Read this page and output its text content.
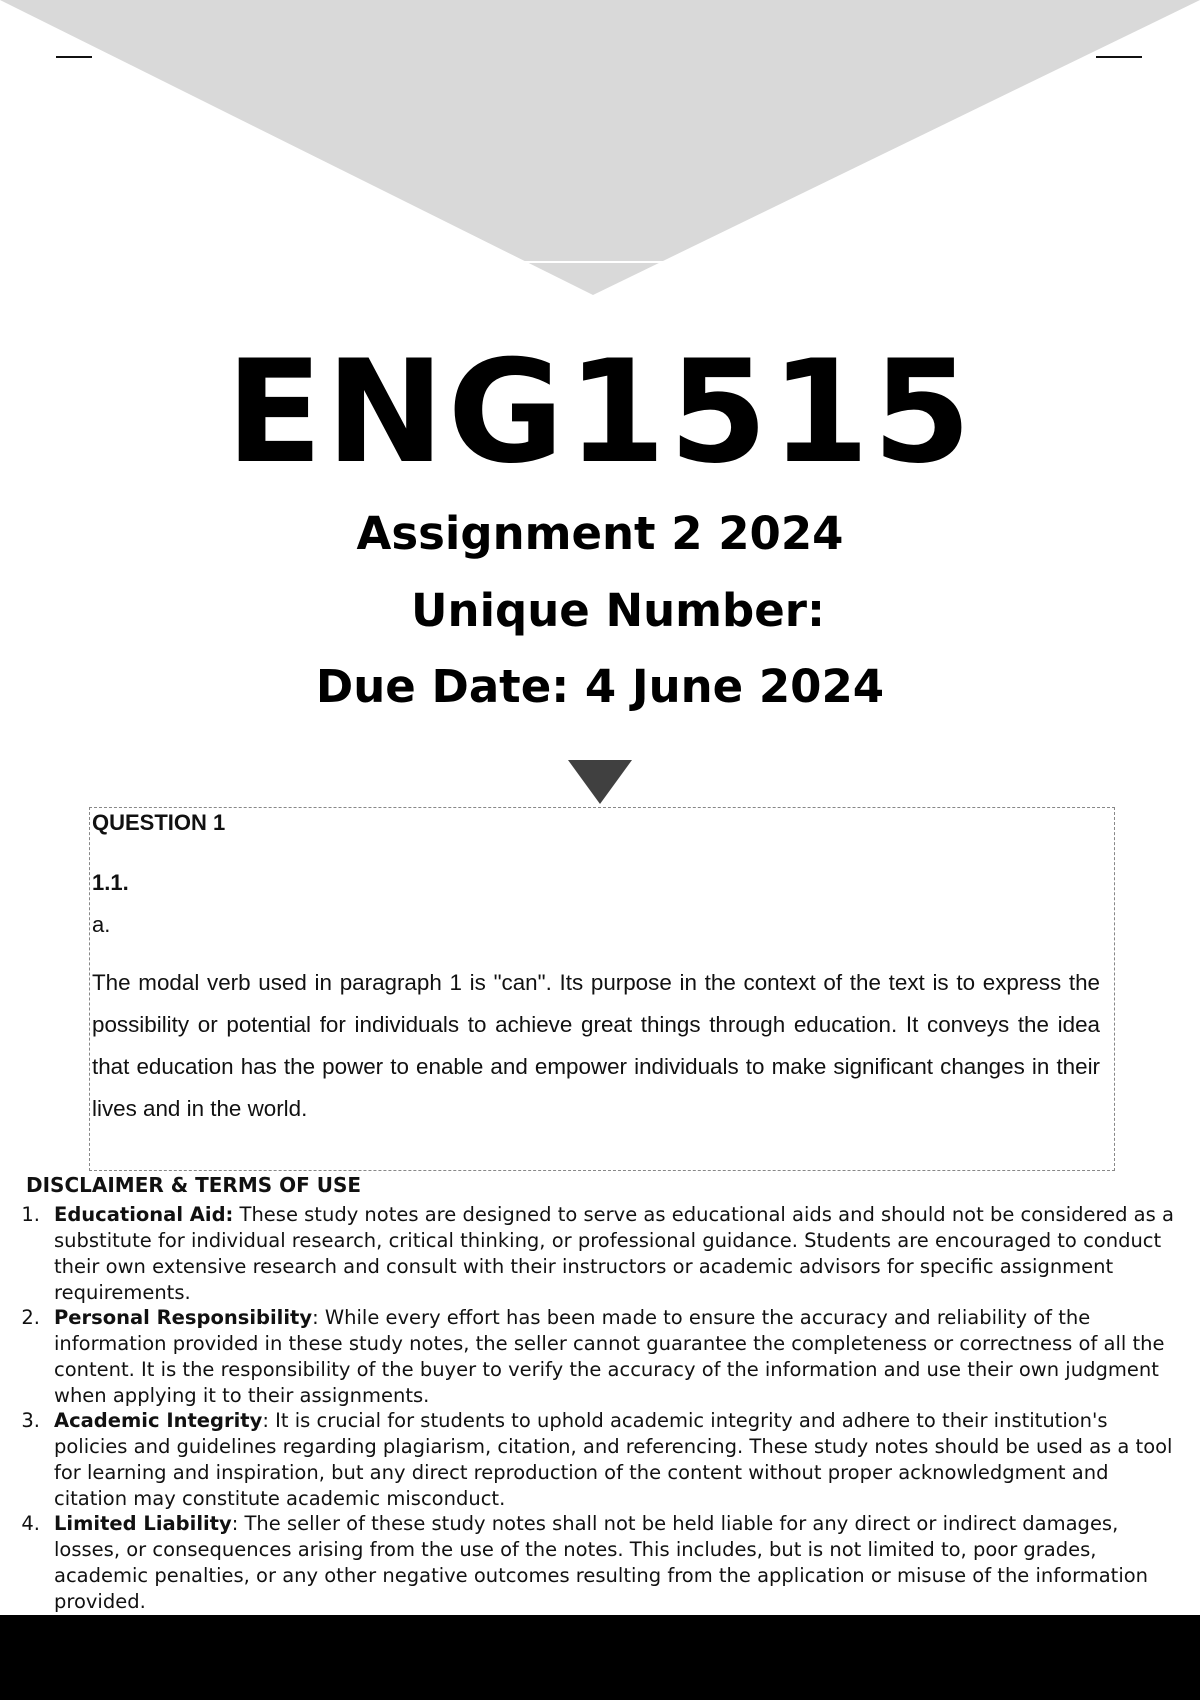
ENG1515
Assignment 2 2024
Unique Number:
Due Date: 4 June 2024
QUESTION 1
1.1.
a.
The modal verb used in paragraph 1 is "can". Its purpose in the context of the text is to express the possibility or potential for individuals to achieve great things through education. It conveys the idea that education has the power to enable and empower individuals to make significant changes in their lives and in the world.
DISCLAIMER & TERMS OF USE
1. Educational Aid: These study notes are designed to serve as educational aids and should not be considered as a substitute for individual research, critical thinking, or professional guidance. Students are encouraged to conduct their own extensive research and consult with their instructors or academic advisors for specific assignment requirements.
2. Personal Responsibility: While every effort has been made to ensure the accuracy and reliability of the information provided in these study notes, the seller cannot guarantee the completeness or correctness of all the content. It is the responsibility of the buyer to verify the accuracy of the information and use their own judgment when applying it to their assignments.
3. Academic Integrity: It is crucial for students to uphold academic integrity and adhere to their institution's policies and guidelines regarding plagiarism, citation, and referencing. These study notes should be used as a tool for learning and inspiration, but any direct reproduction of the content without proper acknowledgment and citation may constitute academic misconduct.
4. Limited Liability: The seller of these study notes shall not be held liable for any direct or indirect damages, losses, or consequences arising from the use of the notes. This includes, but is not limited to, poor grades, academic penalties, or any other negative outcomes resulting from the application or misuse of the information provided.
